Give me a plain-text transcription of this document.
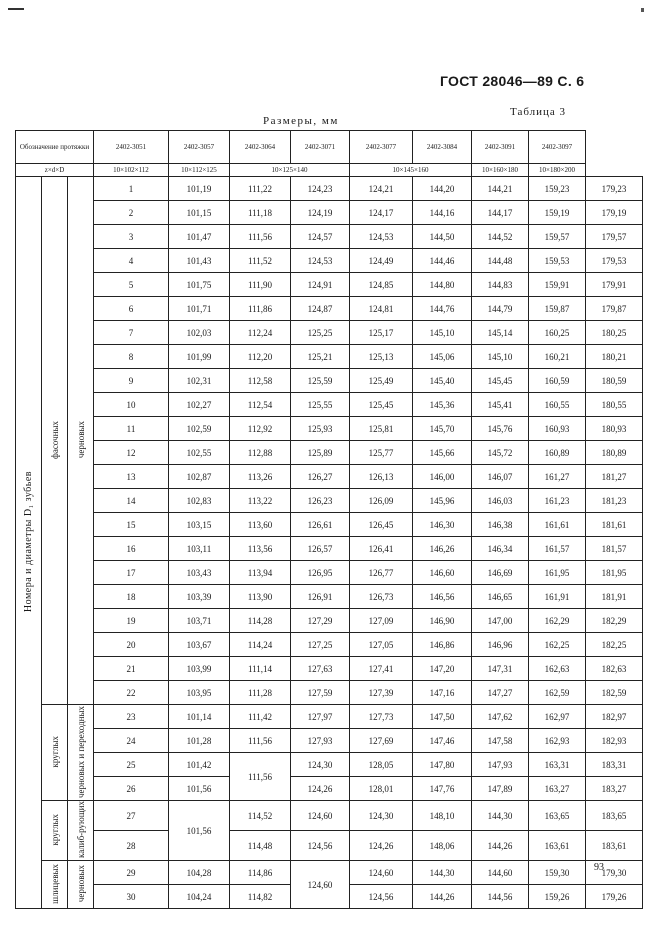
ГОСТ 28046—89 С. 6
Таблица 3
Размеры, мм
Обозначение протяжки			2402-3051	2402-3057	2402-3064	2402-3071	2402-3077	2402-3084	2402-3091	2402-3097	
z×d×D			10×102×112	10×112×125	10×125×140		10×145×160		10×160×180	10×180×200	
Номера и диаметры D₁ зубьев	фасочных	черновых	1	101,19	111,22	124,23	124,21	144,20	144,21	159,23	179,23
			2	101,15	111,18	124,19	124,17	144,16	144,17	159,19	179,19
			3	101,47	111,56	124,57	124,53	144,50	144,52	159,57	179,57
			4	101,43	111,52	124,53	124,49	144,46	144,48	159,53	179,53
			5	101,75	111,90	124,91	124,85	144,80	144,83	159,91	179,91
			6	101,71	111,86	124,87	124,81	144,76	144,79	159,87	179,87
			7	102,03	112,24	125,25	125,17	145,10	145,14	160,25	180,25
			8	101,99	112,20	125,21	125,13	145,06	145,10	160,21	180,21
			9	102,31	112,58	125,59	125,49	145,40	145,45	160,59	180,59
			10	102,27	112,54	125,55	125,45	145,36	145,41	160,55	180,55
			11	102,59	112,92	125,93	125,81	145,70	145,76	160,93	180,93
			12	102,55	112,88	125,89	125,77	145,66	145,72	160,89	180,89
			13	102,87	113,26	126,27	126,13	146,00	146,07	161,27	181,27
			14	102,83	113,22	126,23	126,09	145,96	146,03	161,23	181,23
			15	103,15	113,60	126,61	126,45	146,30	146,38	161,61	181,61
			16	103,11	113,56	126,57	126,41	146,26	146,34	161,57	181,57
			17	103,43	113,94	126,95	126,77	146,60	146,69	161,95	181,95
			18	103,39	113,90	126,91	126,73	146,56	146,65	161,91	181,91
			19	103,71	114,28	127,29	127,09	146,90	147,00	162,29	182,29
			20	103,67	114,24	127,25	127,05	146,86	146,96	162,25	182,25
			21	103,99	111,14	127,63	127,41	147,20	147,31	162,63	182,63
			22	103,95	111,28	127,59	127,39	147,16	147,27	162,59	182,59
	круглых	черновых и переходных	23	101,14	111,42	127,97	127,73	147,50	147,62	162,97	182,97
			24	101,28	111,56	127,93	127,69	147,46	147,58	162,93	182,93
			25	101,42	111,56	124,30	128,05	147,80	147,93	163,31	183,31
			26	101,56		124,26	128,01	147,76	147,89	163,27	183,27
	круглых	калиб-рующих	27	101,56	114,52	124,60	124,30	148,10	144,30	163,65	183,65
			28		114,48	124,56	124,26	148,06	144,26	163,61	183,61
	шлицевых	черновых	29	104,28	114,86	124,60	124,60	144,30	144,60	159,30	179,30
			30	104,24	114,82		124,56	144,26	144,56	159,26	179,26
93
